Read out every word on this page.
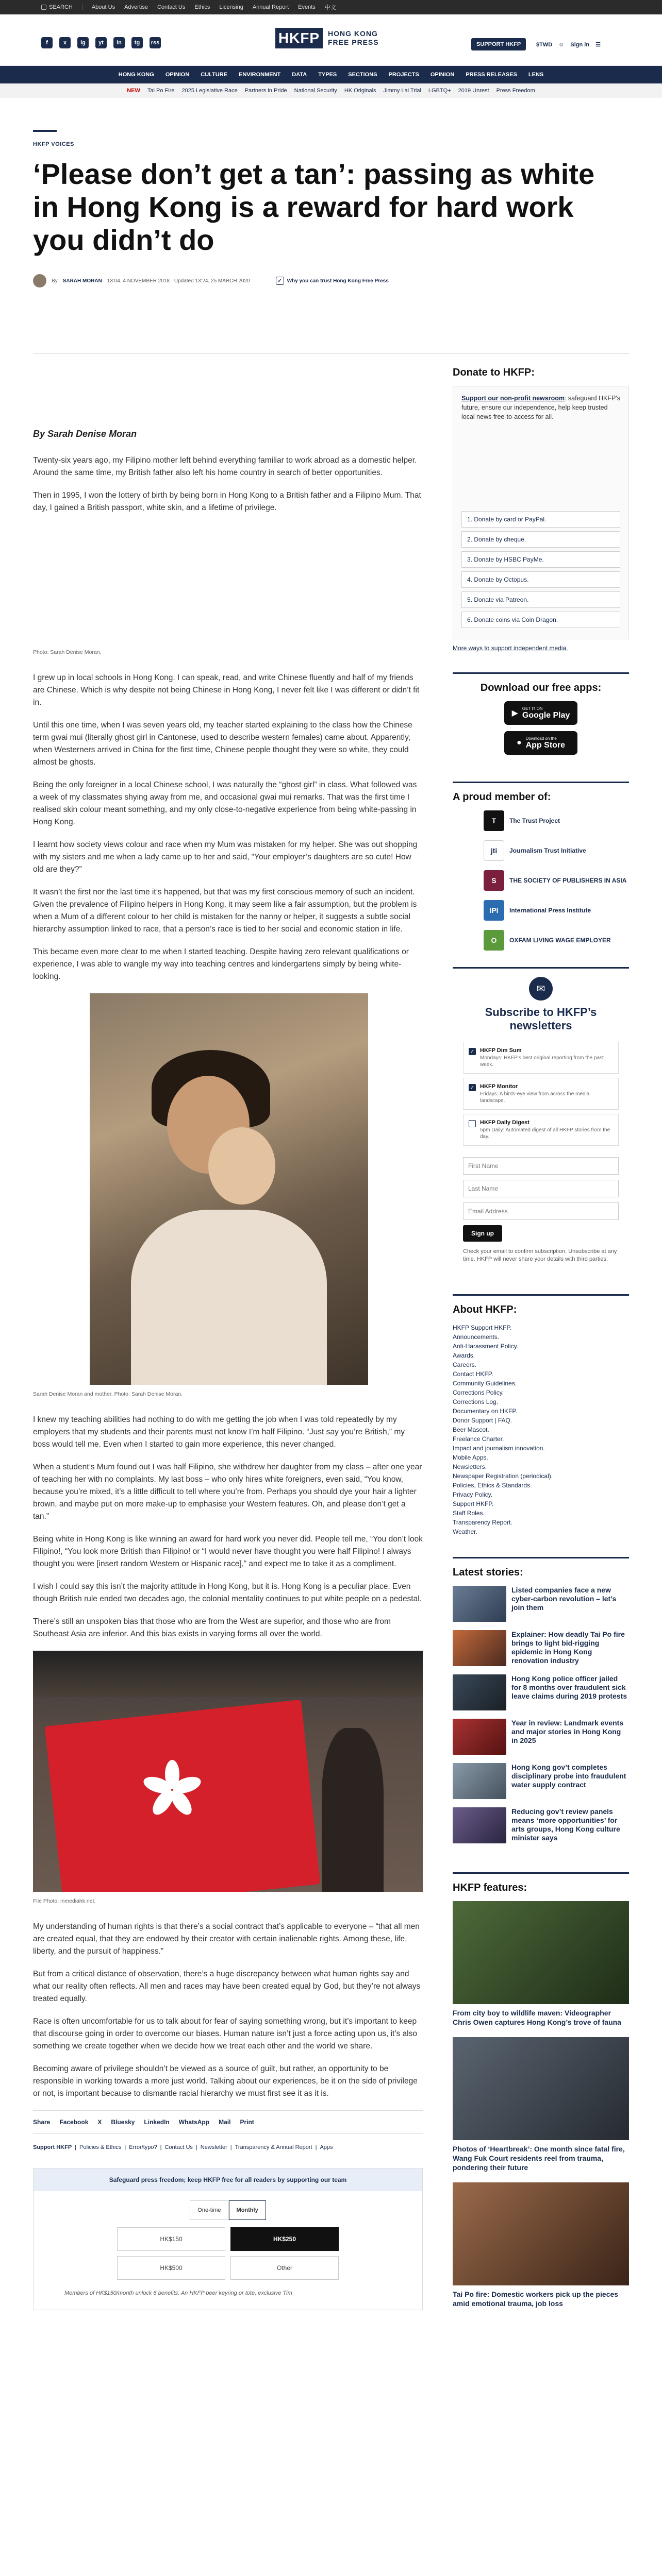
SEARCH	About Us Advertise Contact Us Ethics Licensing Annual Report Events 中文
f	x	ig	yt	in	tg	rss	HKFP	HONG KONG
FREE PRESS	SUPPORT HKFP	$TWD ☺ Sign in ☰
HONG KONG OPINION CULTURE ENVIRONMENT DATA TYPES SECTIONS PROJECTS OPINION PRESS RELEASES LENS
NEW Tai Po Fire 2025 Legislative Race Partners in Pride National Security HK Originals Jimmy Lai Trial LGBTQ+ 2019 Unrest Press Freedom
HKFP VOICES
‘Please don’t get a tan’: passing as white in Hong Kong is a reward for hard work you didn’t do
By SARAH MORAN 13:04, 4 NOVEMBER 2018 · Updated 13:24, 25 MARCH 2020	✓ Why you can trust Hong Kong Free Press
By Sarah Denise Moran

Twenty-six years ago, my Filipino mother left behind everything familiar to work abroad as a domestic helper. Around the same time, my British father also left his home country in search of better opportunities.

Then in 1995, I won the lottery of birth by being born in Hong Kong to a British father and a Filipino Mum. That day, I gained a British passport, white skin, and a lifetime of privilege.

Photo: Sarah Denise Moran.

I grew up in local schools in Hong Kong. I can speak, read, and write Chinese fluently and half of my friends are Chinese. Which is why despite not being Chinese in Hong Kong, I never felt like I was different or didn’t fit in.

Until this one time, when I was seven years old, my teacher started explaining to the class how the Chinese term gwai mui (literally ghost girl in Cantonese, used to describe western females) came about. Apparently, when Westerners arrived in China for the first time, Chinese people thought they were so white, they could almost be ghosts.

Being the only foreigner in a local Chinese school, I was naturally the “ghost girl” in class. What followed was a week of my classmates shying away from me, and occasional gwai mui remarks. That was the first time I realised skin colour meant something, and my only close-to-negative experience from being white-passing in Hong Kong.

I learnt how society views colour and race when my Mum was mistaken for my helper. She was out shopping with my sisters and me when a lady came up to her and said, “Your employer’s daughters are so cute! How old are they?”

It wasn’t the first nor the last time it’s happened, but that was my first conscious memory of such an incident. Given the prevalence of Filipino helpers in Hong Kong, it may seem like a fair assumption, but the problem is when a Mum of a different colour to her child is mistaken for the nanny or helper, it suggests a subtle social hierarchy assumption linked to race, that a person’s race is tied to her social and economic station in life.

This became even more clear to me when I started teaching. Despite having zero relevant qualifications or experience, I was able to wangle my way into teaching centres and kindergartens simply by being white-looking.

Sarah Denise Moran and mother. Photo: Sarah Denise Moran.

I knew my teaching abilities had nothing to do with me getting the job when I was told repeatedly by my employers that my students and their parents must not know I’m half Filipino. “Just say you’re British,” my boss would tell me. Even when I started to gain more experience, this never changed.

When a student’s Mum found out I was half Filipino, she withdrew her daughter from my class – after one year of teaching her with no complaints. My last boss – who only hires white foreigners, even said, “You know, because you’re mixed, it’s a little difficult to tell where you’re from. Perhaps you should dye your hair a lighter brown, and maybe put on more make-up to emphasise your Western features. Oh, and please don’t get a tan.”

Being white in Hong Kong is like winning an award for hard work you never did. People tell me, “You don’t look Filipino!, “You look more British than Filipino! or “I would never have thought you were half Filipino! I always thought you were [insert random Western or Hispanic race],” and expect me to take it as a compliment.

I wish I could say this isn’t the majority attitude in Hong Kong, but it is. Hong Kong is a peculiar place. Even though British rule ended two decades ago, the colonial mentality continues to put white people on a pedestal.

There’s still an unspoken bias that those who are from the West are superior, and those who are from Southeast Asia are inferior. And this bias exists in varying forms all over the world.

File Photo: inmediahk.net.

My understanding of human rights is that there’s a social contract that’s applicable to everyone – “that all men are created equal, that they are endowed by their creator with certain inalienable rights. Among these, life, liberty, and the pursuit of happiness.”

But from a critical distance of observation, there’s a huge discrepancy between what human rights say and what our reality often reflects. All men and races may have been created equal by God, but they’re not always treated equally.

Race is often uncomfortable for us to talk about for fear of saying something wrong, but it’s important to keep that discourse going in order to overcome our biases. Human nature isn’t just a force acting upon us, it’s also something we create together when we decide how we treat each other and the world we share.

Becoming aware of privilege shouldn’t be viewed as a source of guilt, but rather, an opportunity to be responsible in working towards a more just world. Talking about our experiences, be it on the side of privilege or not, is important because to dismantle racial hierarchy we must first see it as it is.

Share Facebook X Bluesky LinkedIn WhatsApp Mail Print
Support HKFP | Policies & Ethics | Error/typo? | Contact Us | Newsletter | Transparency & Annual Report | Apps
Safeguard press freedom; keep HKFP free for all readers by supporting our team
One-time	Monthly
HK$150	HK$250
HK$500	Other
Members of HK$150/month unlock 6 benefits: An HKFP beer keyring or tote, exclusive Tim
Donate to HKFP:

Support our non-profit newsroom: safeguard HKFP's future, ensure our independence, help keep trusted local news free-to-access for all.

1. Donate by card or PayPal.
2. Donate by cheque.
3. Donate by HSBC PayMe.
4. Donate by Octopus.
5. Donate via Patreon.
6. Donate coins via Coin Dragon.
More ways to support independent media.
Download our free apps:
▶
GET IT ON
Google Play
● Download on the
App Store
A proud member of:
T	The Trust Project
jti	Journalism Trust Initiative
S	THE SOCIETY OF PUBLISHERS IN ASIA
IPI	International Press Institute
O	OXFAM LIVING WAGE EMPLOYER
✉
Subscribe to HKFP’s newsletters
✓ HKFP Dim Sum
Mondays: HKFP's best original reporting from the past week.
✓ HKFP Monitor
Fridays: A birds-eye view from across the media landscape.
HKFP Daily Digest
5pm Daily: Automated digest of all HKFP stories from the day.
First Name Last Name Email Address
Sign up
Check your email to confirm subscription. Unsubscribe at any time. HKFP will never share your details with third parties.
About HKFP:
HKFP Support HKFP.
Announcements.
Anti-Harassment Policy.
Awards.
Careers.
Contact HKFP.
Community Guidelines.
Corrections Policy.
Corrections Log.
Documentary on HKFP.
Donor Support | FAQ.
Beer Mascot.
Freelance Charter.
Impact and journalism innovation.
Mobile Apps.
Newsletters.
Newspaper Registration (periodical).
Policies, Ethics & Standards.
Privacy Policy.
Support HKFP.
Staff Roles.
Transparency Report.
Weather.
Latest stories:
Listed companies face a new cyber-carbon revolution – let’s join them
Explainer: How deadly Tai Po fire brings to light bid-rigging epidemic in Hong Kong renovation industry
Hong Kong police officer jailed for 8 months over fraudulent sick leave claims during 2019 protests
Year in review: Landmark events and major stories in Hong Kong in 2025
Hong Kong gov’t completes disciplinary probe into fraudulent water supply contract
Reducing gov’t review panels means ‘more opportunities’ for arts groups, Hong Kong culture minister says
HKFP features:
From city boy to wildlife maven: Videographer Chris Owen captures Hong Kong’s trove of fauna
Photos of ‘Heartbreak’: One month since fatal fire, Wang Fuk Court residents reel from trauma, pondering their future
Tai Po fire: Domestic workers pick up the pieces amid emotional trauma, job loss
